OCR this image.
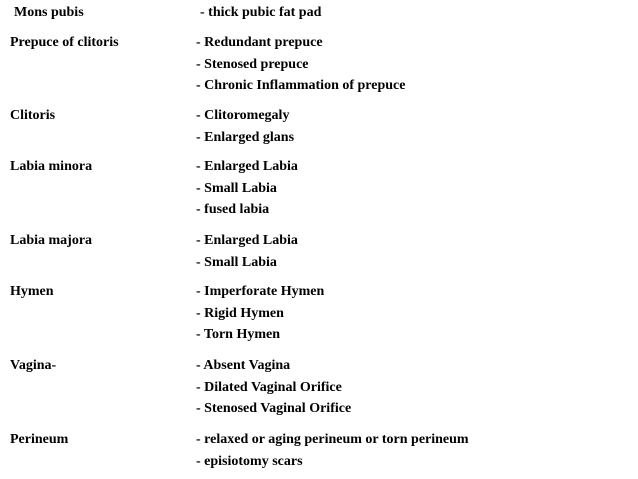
Mons pubis	- thick pubic fat pad
Prepuce of clitoris	- Redundant prepuce
- Stenosed prepuce
- Chronic Inflammation of prepuce
Clitoris	- Clitoromegaly
- Enlarged glans
Labia minora	- Enlarged Labia
- Small Labia
- fused labia
Labia majora	- Enlarged Labia
- Small Labia
Hymen	- Imperforate Hymen
- Rigid Hymen
- Torn Hymen
Vagina-	- Absent Vagina
- Dilated Vaginal Orifice
- Stenosed Vaginal Orifice
Perineum	- relaxed or aging perineum or torn perineum
- episiotomy scars
